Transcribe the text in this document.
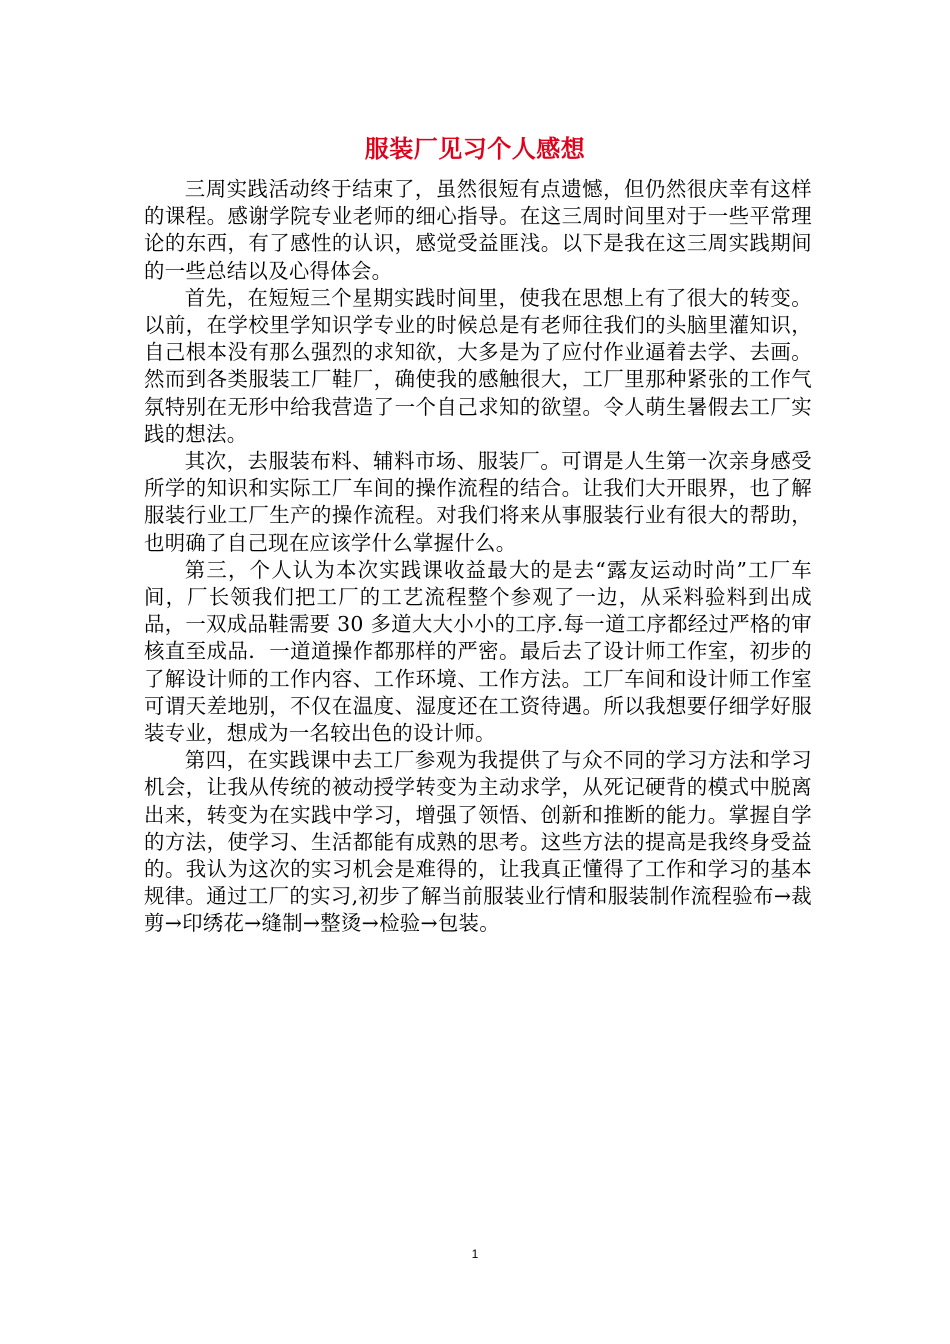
服装厂见习个人感想

三周实践活动终于结束了，虽然很短有点遗憾，但仍然很庆幸有这样的课程。感谢学院专业老师的细心指导。在这三周时间里对于一些平常理论的东西，有了感性的认识，感觉受益匪浅。以下是我在这三周实践期间的一些总结以及心得体会。

首先，在短短三个星期实践时间里，使我在思想上有了很大的转变。以前，在学校里学知识学专业的时候总是有老师往我们的头脑里灌知识，自己根本没有那么强烈的求知欲，大多是为了应付作业逼着去学、去画。然而到各类服装工厂鞋厂，确使我的感触很大，工厂里那种紧张的工作气氛特别在无形中给我营造了一个自己求知的欲望。令人萌生暑假去工厂实践的想法。

其次，去服装布料、辅料市场、服装厂。可谓是人生第一次亲身感受所学的知识和实际工厂车间的操作流程的结合。让我们大开眼界，也了解服装行业工厂生产的操作流程。对我们将来从事服装行业有很大的帮助，也明确了自己现在应该学什么掌握什么。

第三，个人认为本次实践课收益最大的是去“露友运动时尚”工厂车间，厂长领我们把工厂的工艺流程整个参观了一边，从采料验料到出成品，一双成品鞋需要 30 多道大大小小的工序.每一道工序都经过严格的审核直至成品．一道道操作都那样的严密。最后去了设计师工作室，初步的了解设计师的工作内容、工作环境、工作方法。工厂车间和设计师工作室可谓天差地别，不仅在温度、湿度还在工资待遇。所以我想要仔细学好服装专业，想成为一名较出色的设计师。

第四，在实践课中去工厂参观为我提供了与众不同的学习方法和学习机会，让我从传统的被动授学转变为主动求学，从死记硬背的模式中脱离出来，转变为在实践中学习，增强了领悟、创新和推断的能力。掌握自学的方法，使学习、生活都能有成熟的思考。这些方法的提高是我终身受益的。我认为这次的实习机会是难得的，让我真正懂得了工作和学习的基本规律。通过工厂的实习,初步了解当前服装业行情和服装制作流程验布→裁剪→印绣花→缝制→整烫→检验→包装。

1
